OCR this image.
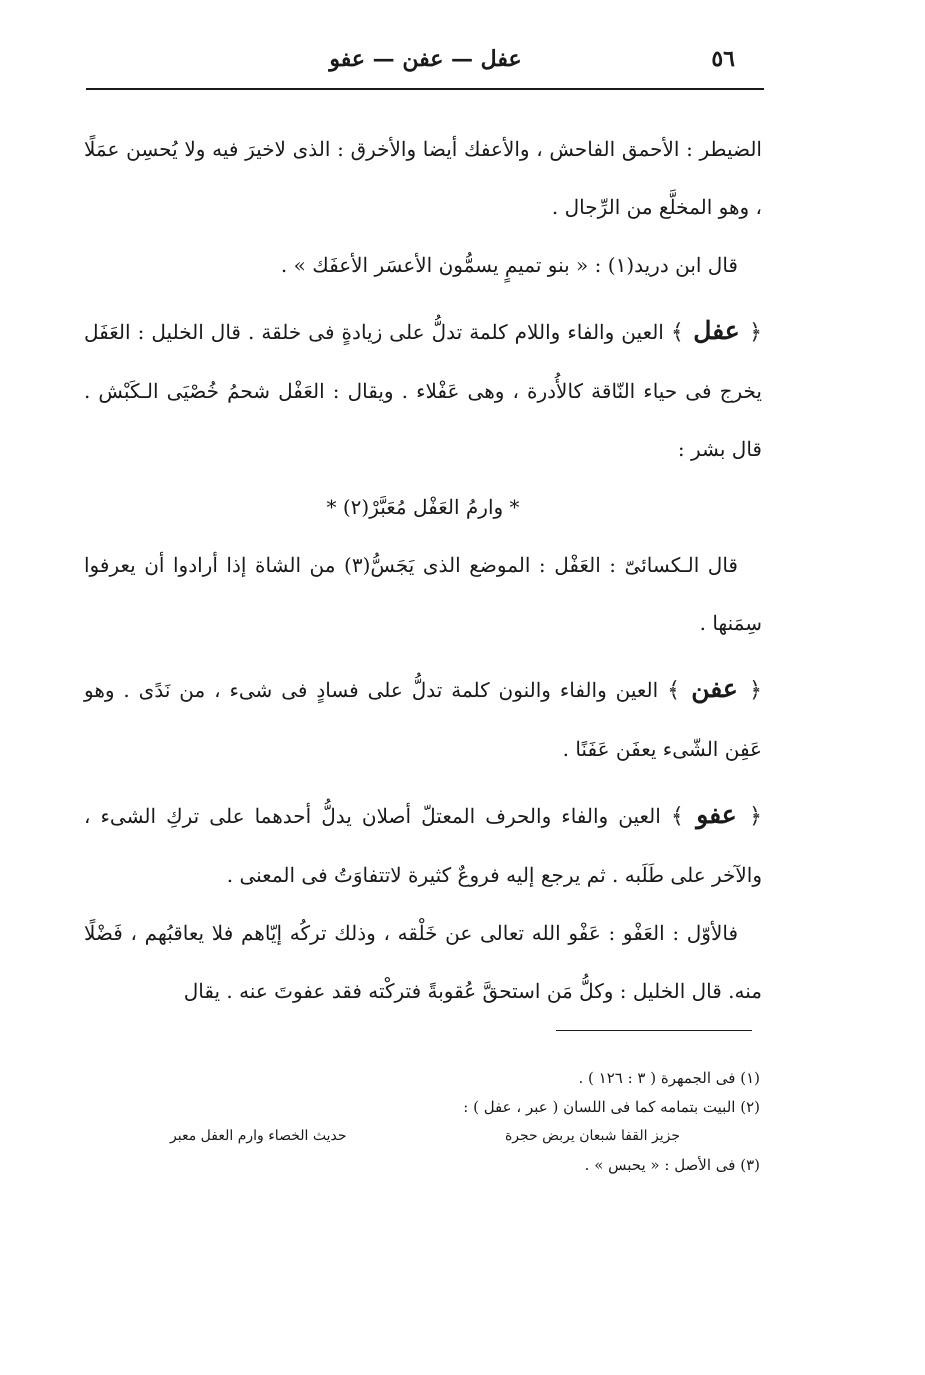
٥٦
عفل — عفن — عفو

الضيطر : الأحمق الفاحش ، والأعفك أيضا والأخرق : الذى لاخيرَ فيه ولا يُحسِن عمَلًا ، وهو المخلَّع من الرِّجال .

قال ابن دريد(١) : « بنو تميمٍ يسمُّون الأعسَر الأعفَك » .

﴿ عفل ﴾ العين والفاء واللام كلمة تدلُّ على زيادةٍ فى خلقة . قال الخليل : العَفَل يخرج فى حياء النّاقة كالأُدرة ، وهى عَفْلاء . ويقال : العَفْل شحمُ خُصْيَى الـكَبْش . قال بشر :

* وارمُ العَفْل مُعَبَّرْ(٢) *

قال الـكسائىّ : العَفْل : الموضع الذى يَجَسُّ(٣) من الشاة إذا أرادوا أن يعرفوا سِمَنها .

﴿ عفن ﴾ العين والفاء والنون كلمة تدلُّ على فسادٍ فى شىء ، من نَدًى . وهو عَفِن الشّىء يعفَن عَفَنًا .

﴿ عفو ﴾ العين والفاء والحرف المعتلّ أصلان يدلُّ أحدهما على تركِ الشىء ، والآخر على طَلَبه . ثم يرجع إليه فروعٌ كثيرة لاتتفاوَتُ فى المعنى .

فالأوّل : العَفْو : عَفْو الله تعالى عن خَلْقه ، وذلك تركُه إيّاهم فلا يعاقبُهم ، فَضْلًا منه. قال الخليل : وكلُّ مَن استحقَّ عُقوبةً فتركْته فقد عفوتَ عنه . يقال

(١) فى الجمهرة ( ٣ : ١٢٦ ) .

(٢) البيت بتمامه كما فى اللسان ( عبر ، عفل ) :

جزيز القفا شبعان يربض حجرة
حديث الخصاء وارم العفل معبر

(٣) فى الأصل : « يحبس » .
